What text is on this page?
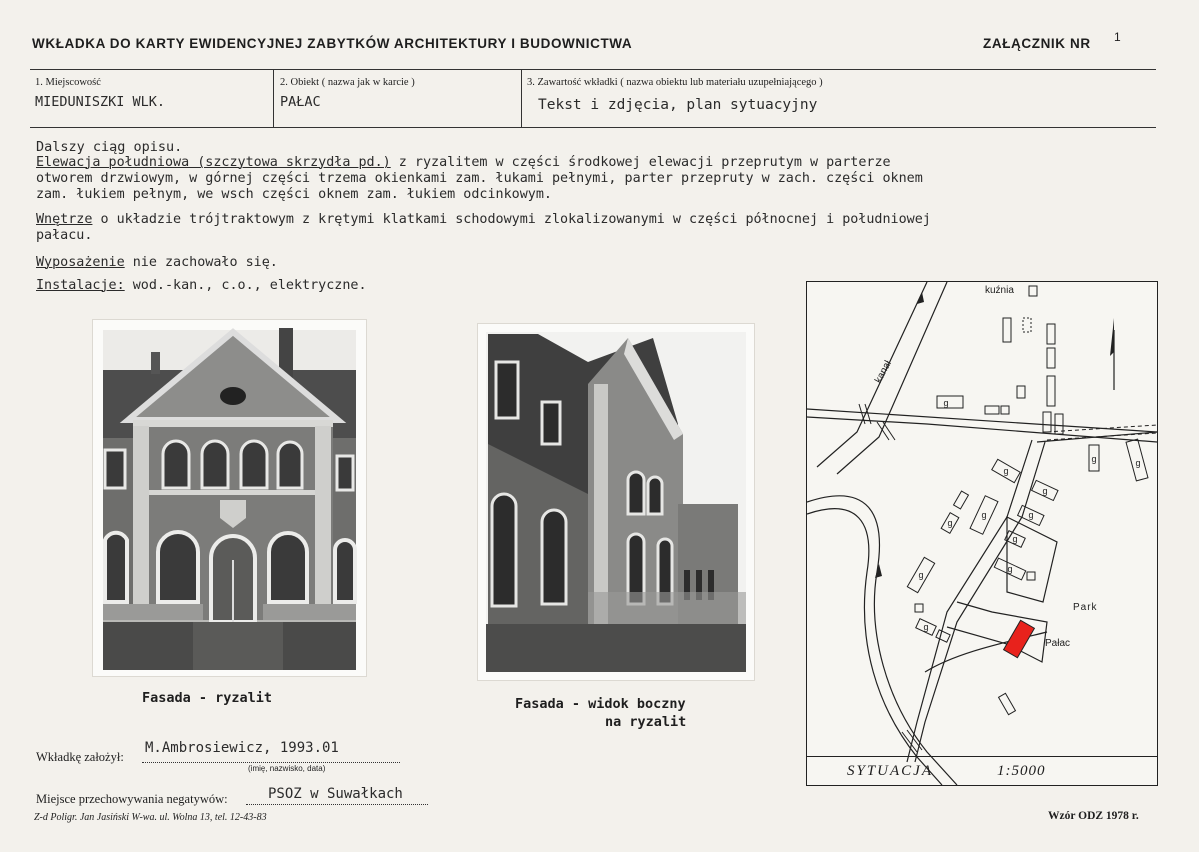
WKŁADKA DO KARTY EWIDENCYJNEJ ZABYTKÓW ARCHITEKTURY I BUDOWNICTWA	ZAŁĄCZNIK NR 1
1. Miejscowość
MIEDUNISZKI WLK.
2. Obiekt ( nazwa jak w karcie )
PAŁAC
3. Zawartość wkładki ( nazwa obiektu lub materiału uzupełniającego )
Tekst i zdjęcia, plan sytuacyjny
Dalszy ciąg opisu.
Elewacja południowa (szczytowa skrzydła pd.) z ryzalitem w części środkowej elewacji przeprutym w parterze
otworem drzwiowym, w górnej części trzema okienkami zam. łukami pełnymi, parter przepruty w zach. części oknem
zam. łukiem pełnym, we wsch części oknem zam. łukiem odcinkowym.
Wnętrze o układzie trójtraktowym z krętymi klatkami schodowymi zlokalizowanymi w części północnej i południowej
pałacu.
Wyposażenie nie zachowało się.
Instalacje: wod.-kan., c.o., elektryczne.
Fasada - ryzalit	Fasada - widok boczny
na ryzalit
g
g	g
g
g
g
g
g
g
g
g
g
kuźnia
kanał
Park
Pałac
SYTUACJA	1:5000
Wkładkę założył:
M.Ambrosiewicz, 1993.01
(imię, nazwisko, data)
Miejsce przechowywania negatywów:	PSOZ w Suwałkach
Z-d Poligr. Jan Jasiński W-wa. ul. Wolna 13, tel. 12-43-83	Wzór ODZ 1978 r.
